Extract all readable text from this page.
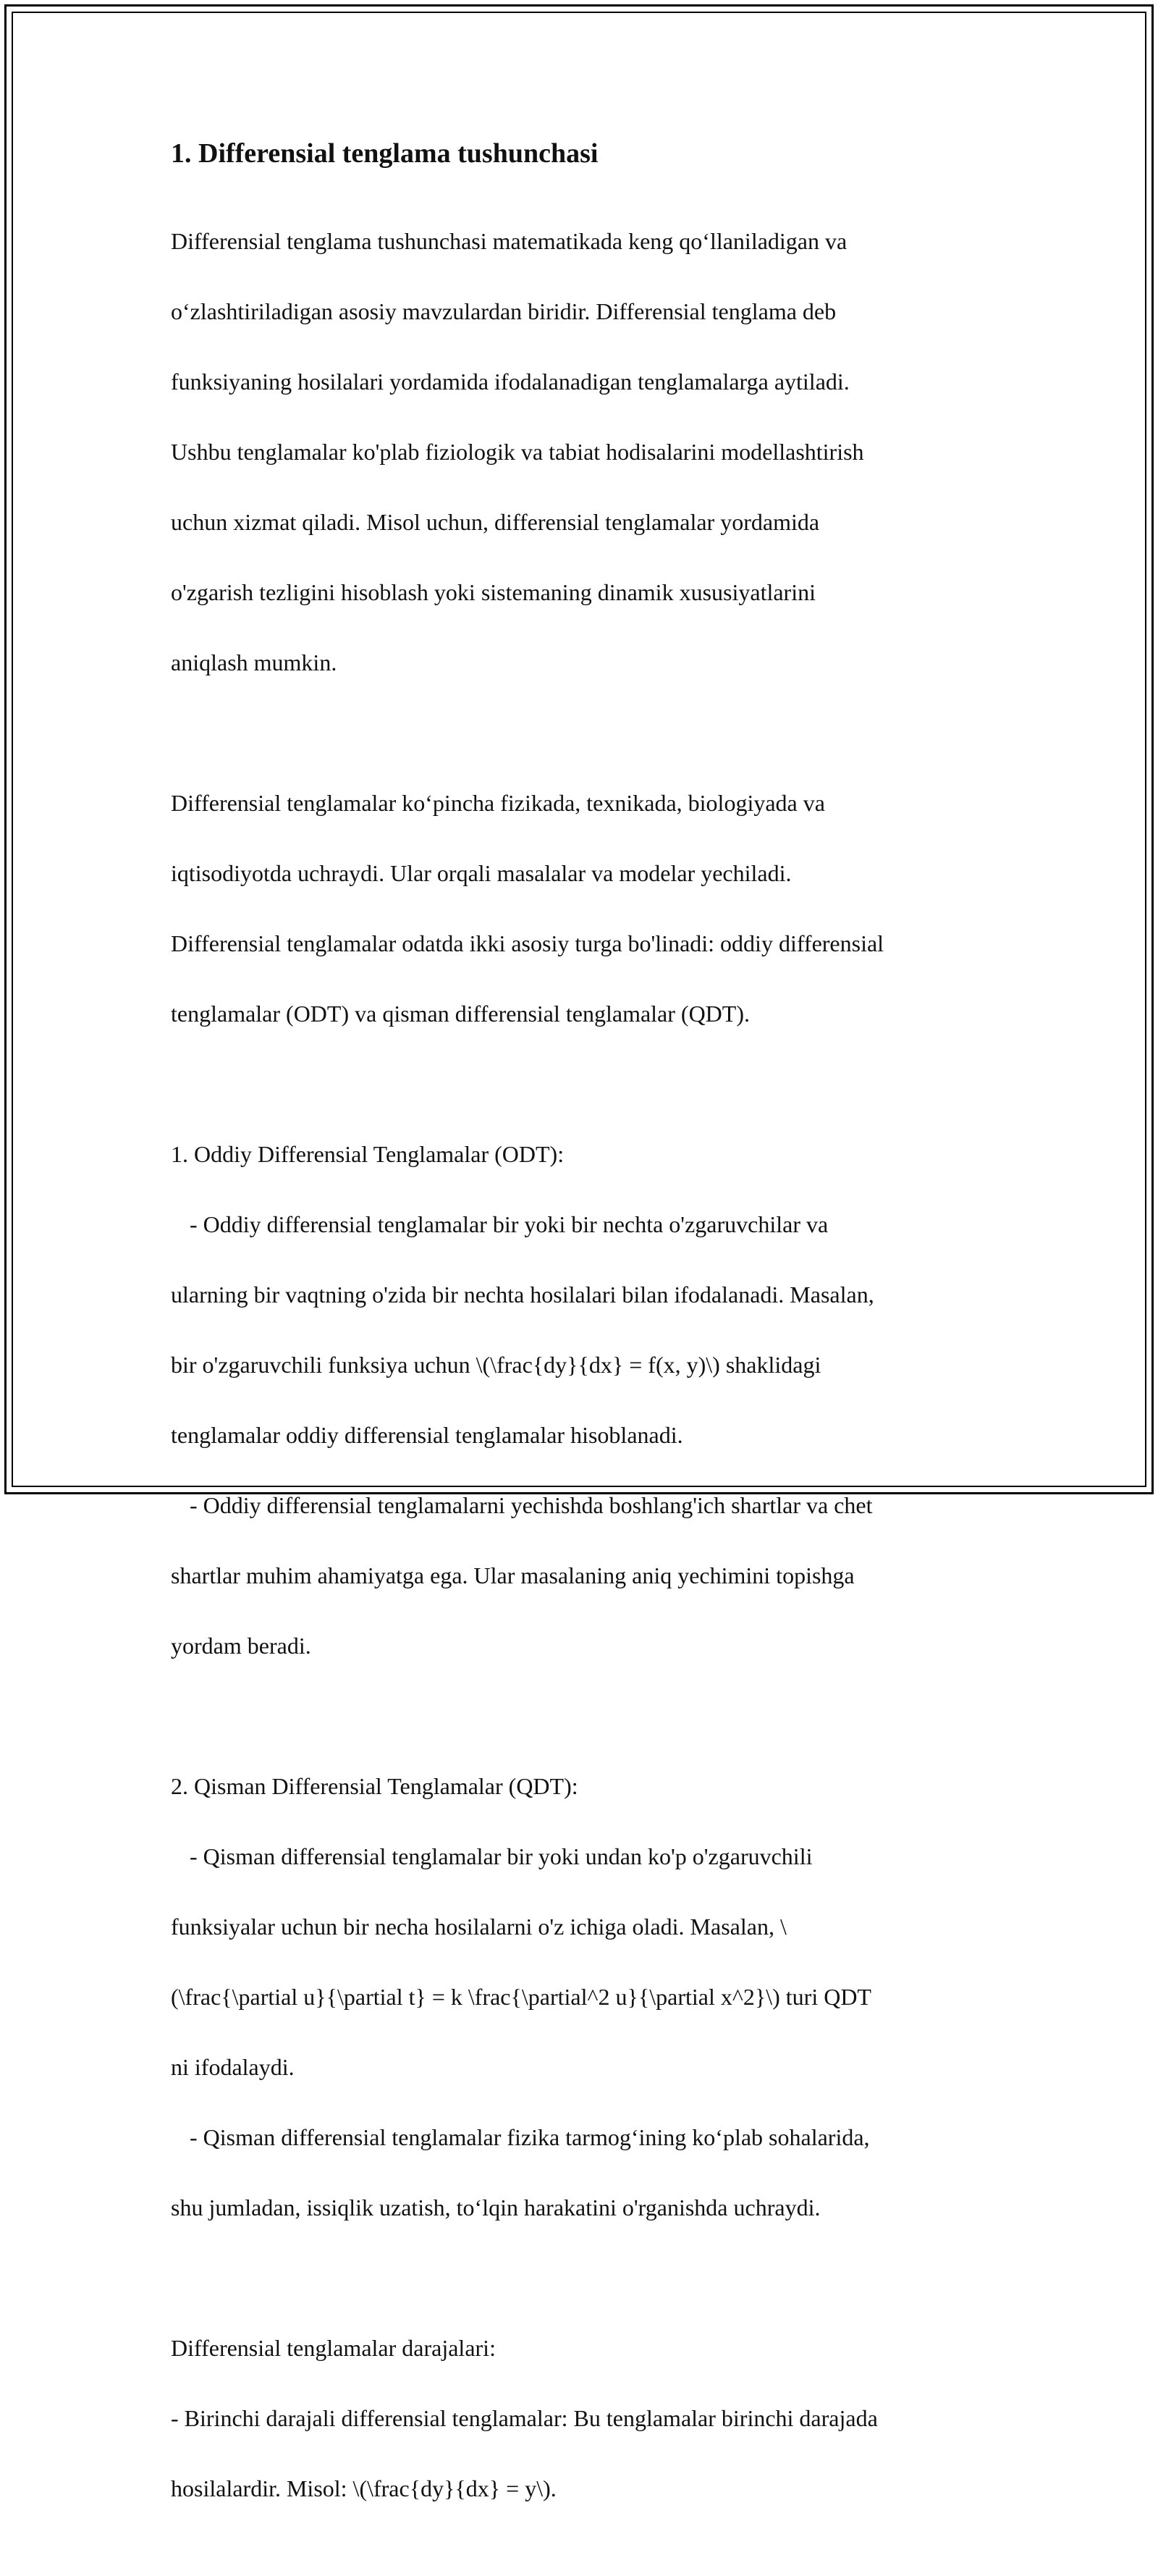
1. Differensial tenglama tushunchasi

Differensial tenglama tushunchasi matematikada keng qo‘llaniladigan va

o‘zlashtiriladigan asosiy mavzulardan biridir. Differensial tenglama deb

funksiyaning hosilalari yordamida ifodalanadigan tenglamalarga aytiladi.

Ushbu tenglamalar ko'plab fiziologik va tabiat hodisalarini modellashtirish

uchun xizmat qiladi. Misol uchun, differensial tenglamalar yordamida

o'zgarish tezligini hisoblash yoki sistemaning dinamik xususiyatlarini

aniqlash mumkin.

Differensial tenglamalar ko‘pincha fizikada, texnikada, biologiyada va

iqtisodiyotda uchraydi. Ular orqali masalalar va modelar yechiladi.

Differensial tenglamalar odatda ikki asosiy turga bo'linadi: oddiy differensial

tenglamalar (ODT) va qisman differensial tenglamalar (QDT).

1. Oddiy Differensial Tenglamalar (ODT):

- Oddiy differensial tenglamalar bir yoki bir nechta o'zgaruvchilar va

ularning bir vaqtning o'zida bir nechta hosilalari bilan ifodalanadi. Masalan,

bir o'zgaruvchili funksiya uchun \(\frac{dy}{dx} = f(x, y)\) shaklidagi

tenglamalar oddiy differensial tenglamalar hisoblanadi.

- Oddiy differensial tenglamalarni yechishda boshlang'ich shartlar va chet

shartlar muhim ahamiyatga ega. Ular masalaning aniq yechimini topishga

yordam beradi.

2. Qisman Differensial Tenglamalar (QDT):

- Qisman differensial tenglamalar bir yoki undan ko'p o'zgaruvchili

funksiyalar uchun bir necha hosilalarni o'z ichiga oladi. Masalan, \

(\frac{\partial u}{\partial t} = k \frac{\partial^2 u}{\partial x^2}\) turi QDT

ni ifodalaydi.

- Qisman differensial tenglamalar fizika tarmog‘ining ko‘plab sohalarida,

shu jumladan, issiqlik uzatish, to‘lqin harakatini o'rganishda uchraydi.

Differensial tenglamalar darajalari:

- Birinchi darajali differensial tenglamalar: Bu tenglamalar birinchi darajada

hosilalardir. Misol: \(\frac{dy}{dx} = y\).
